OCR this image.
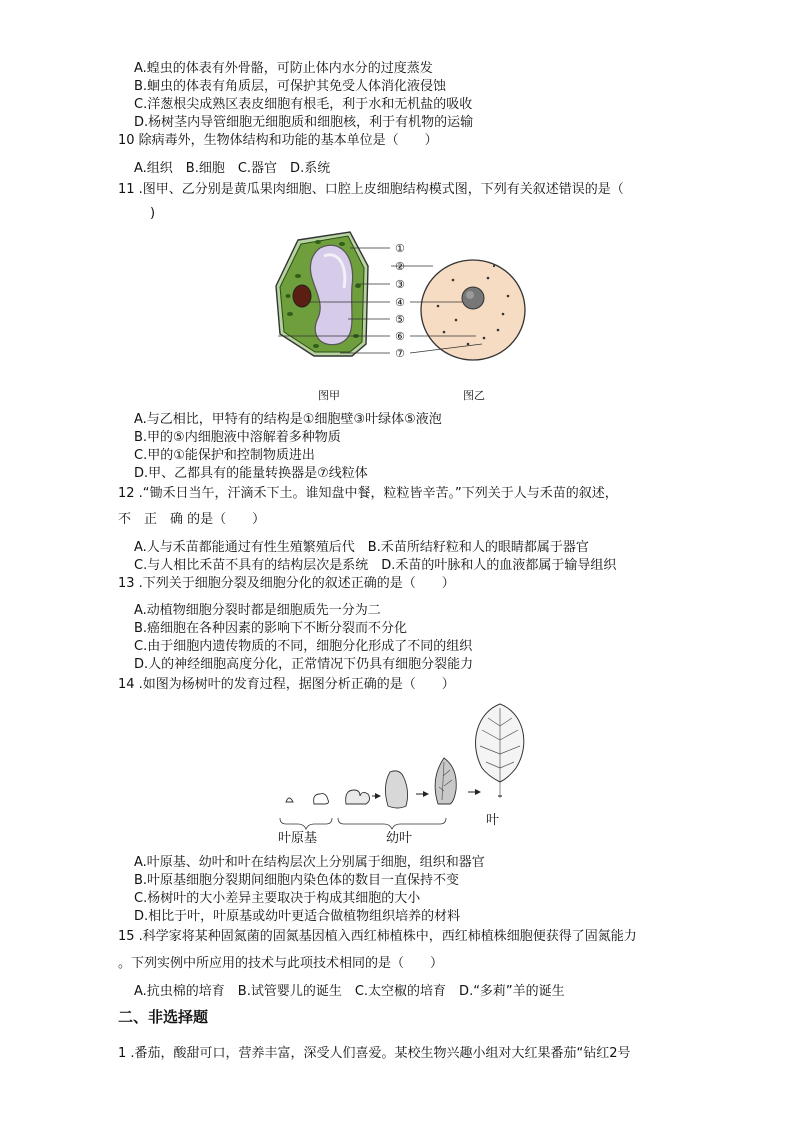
A.蝗虫的体表有外骨骼，可防止体内水分的过度蒸发
B.蛔虫的体表有角质层，可保护其免受人体消化液侵蚀
C.洋葱根尖成熟区表皮细胞有根毛，利于水和无机盐的吸收
D.杨树茎内导管细胞无细胞质和细胞核，利于有机物的运输
10 除病毒外，生物体结构和功能的基本单位是（　　）
A.组织　B.细胞　C.器官　D.系统
11 .图甲、乙分别是黄瓜果肉细胞、口腔上皮细胞结构模式图，下列有关叙述错误的是（
)
①
②
③
④
⑤
⑥
⑦
图甲	图乙
A.与乙相比，甲特有的结构是①细胞壁③叶绿体⑤液泡
B.甲的⑤内细胞液中溶解着多种物质
C.甲的①能保护和控制物质进出
D.甲、乙都具有的能量转换器是⑦线粒体
12 .“锄禾日当午，汗滴禾下土。谁知盘中餐，粒粒皆辛苦。”下列关于人与禾苗的叙述，
不　正　确 的是（　　）
A.人与禾苗都能通过有性生殖繁殖后代　B.禾苗所结籽粒和人的眼睛都属于器官
C.与人相比禾苗不具有的结构层次是系统　D.禾苗的叶脉和人的血液都属于输导组织
13 .下列关于细胞分裂及细胞分化的叙述正确的是（　　）
A.动植物细胞分裂时都是细胞质先一分为二
B.癌细胞在各种因素的影响下不断分裂而不分化
C.由于细胞内遗传物质的不同，细胞分化形成了不同的组织
D.人的神经细胞高度分化，正常情况下仍具有细胞分裂能力
14 .如图为杨树叶的发育过程，据图分析正确的是（　　）
叶原基	幼叶
叶
A.叶原基、幼叶和叶在结构层次上分别属于细胞，组织和器官
B.叶原基细胞分裂期间细胞内染色体的数目一直保持不变
C.杨树叶的大小差异主要取决于构成其细胞的大小
D.相比于叶，叶原基或幼叶更适合做植物组织培养的材料
15 .科学家将某种固氮菌的固氮基因植入西红柿植株中，西红柿植株细胞便获得了固氮能力
。下列实例中所应用的技术与此项技术相同的是（　　）
A.抗虫棉的培育　B.试管婴儿的诞生　C.太空椒的培育　D.“多莉”羊的诞生
二、非选择题
1 .番茄，酸甜可口，营养丰富，深受人们喜爱。某校生物兴趣小组对大红果番茄“钻红2号
